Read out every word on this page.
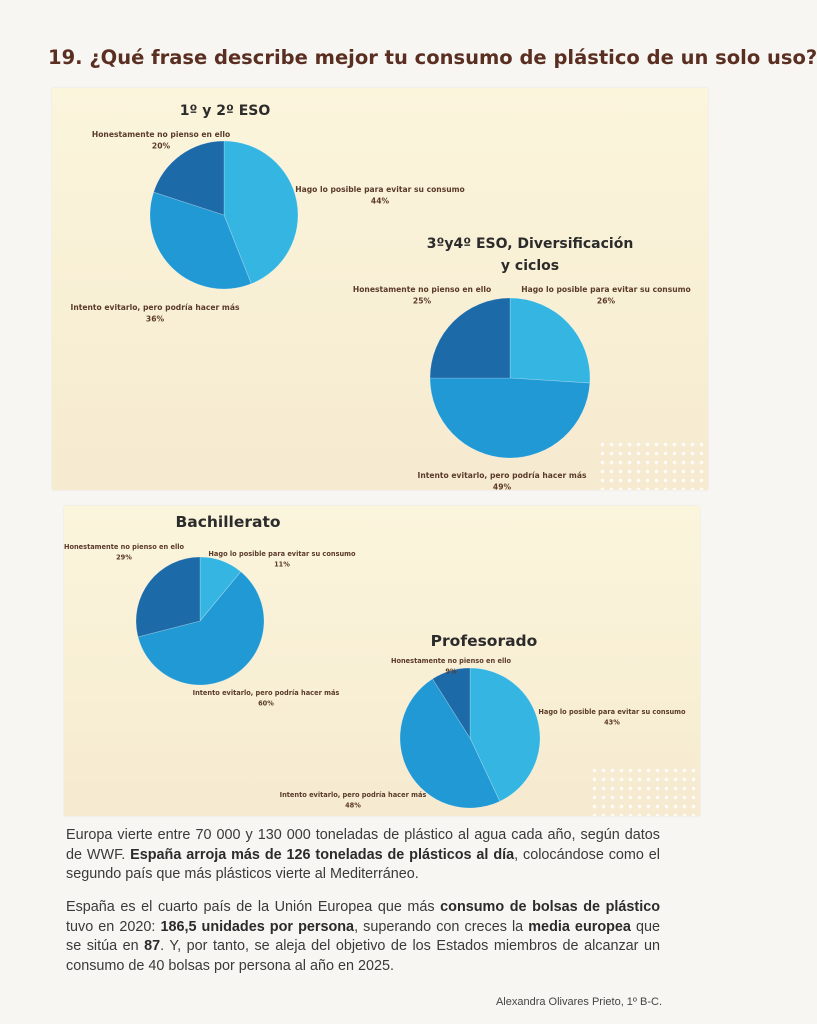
19. ¿Qué frase describe mejor tu consumo de plástico de un solo uso?
1º y 2º ESO
Hago lo posible para evitar su consumo
44%
Intento evitarlo, pero podría hacer más
36%
Honestamente no pienso en ello
20%
3ºy4º ESO, Diversificación
y ciclos
Hago lo posible para evitar su consumo
26%
Intento evitarlo, pero podría hacer más
49%
Honestamente no pienso en ello
25%
Bachillerato
Hago lo posible para evitar su consumo
11%
Intento evitarlo, pero podría hacer más
60%
Honestamente no pienso en ello
29%
Profesorado
Hago lo posible para evitar su consumo
43%
Intento evitarlo, pero podría hacer más
48%
Honestamente no pienso en ello
9%

Europa vierte entre 70 000 y 130 000 toneladas de plástico al agua cada año, según datos de WWF. España arroja más de 126 toneladas de plásticos al día, colocándose como el segundo país que más plásticos vierte al Mediterráneo.

España es el cuarto país de la Unión Europea que más consumo de bolsas de plástico tuvo en 2020: 186,5 unidades por persona, superando con creces la media europea que se sitúa en 87. Y, por tanto, se aleja del objetivo de los Estados miembros de alcanzar un consumo de 40 bolsas por persona al año en 2025.

Alexandra Olivares Prieto, 1º B-C.
